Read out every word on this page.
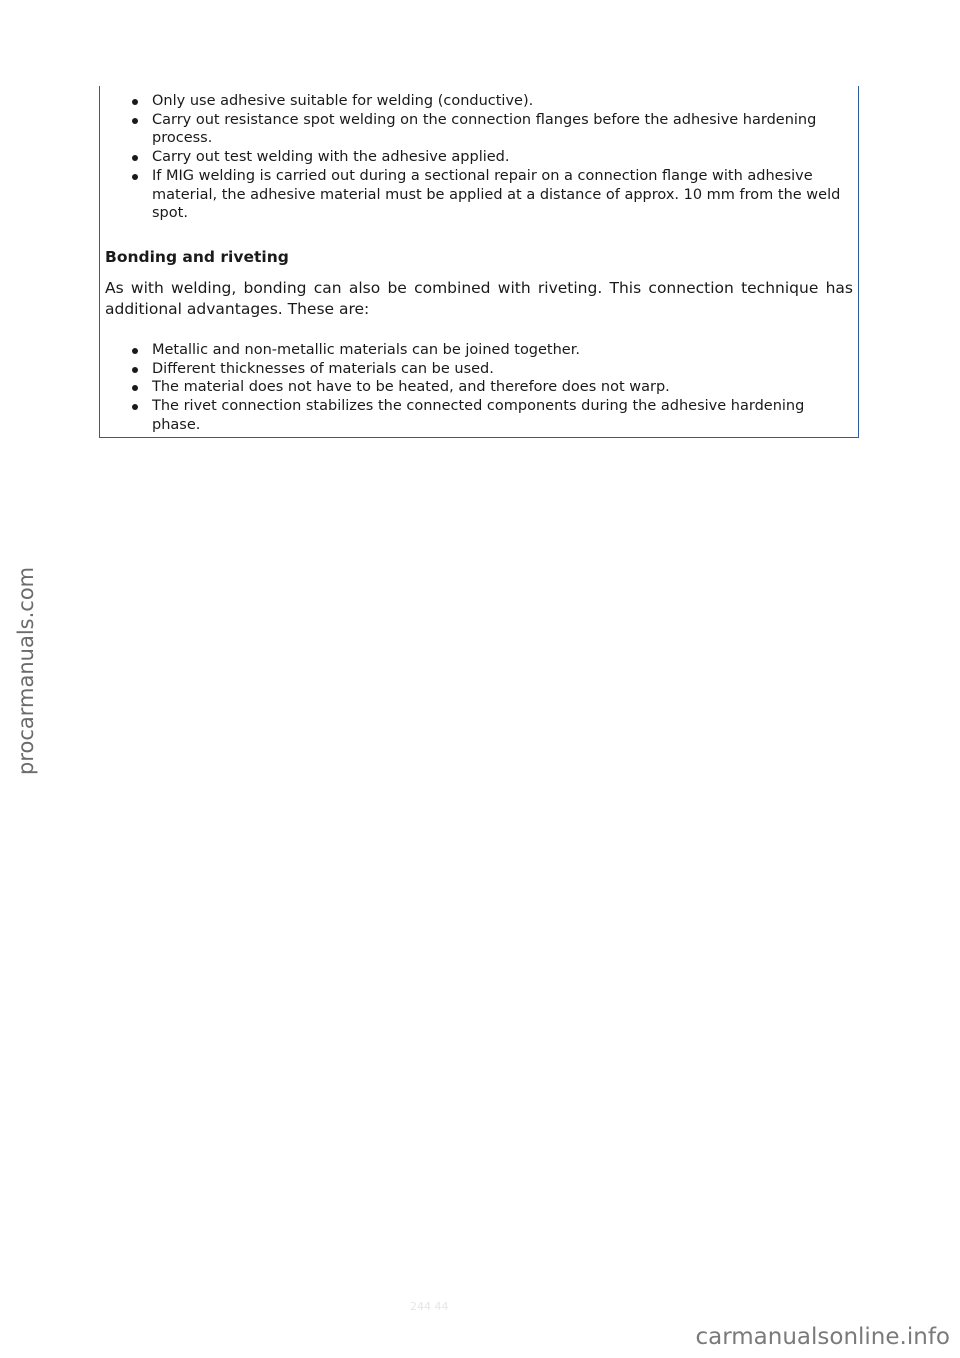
Only use adhesive suitable for welding (conductive).
Carry out resistance spot welding on the connection flanges before the adhesive hardening process.
Carry out test welding with the adhesive applied.
If MIG welding is carried out during a sectional repair on a connection flange with adhesive material, the adhesive material must be applied at a distance of approx. 10 mm from the weld spot.
Bonding and riveting
As with welding, bonding can also be combined with riveting. This connection technique has additional advantages. These are:
Metallic and non-metallic materials can be joined together.
Different thicknesses of materials can be used.
The material does not have to be heated, and therefore does not warp.
The rivet connection stabilizes the connected components during the adhesive hardening phase.
244 44
procarmanuals.com
carmanualsonline.info
